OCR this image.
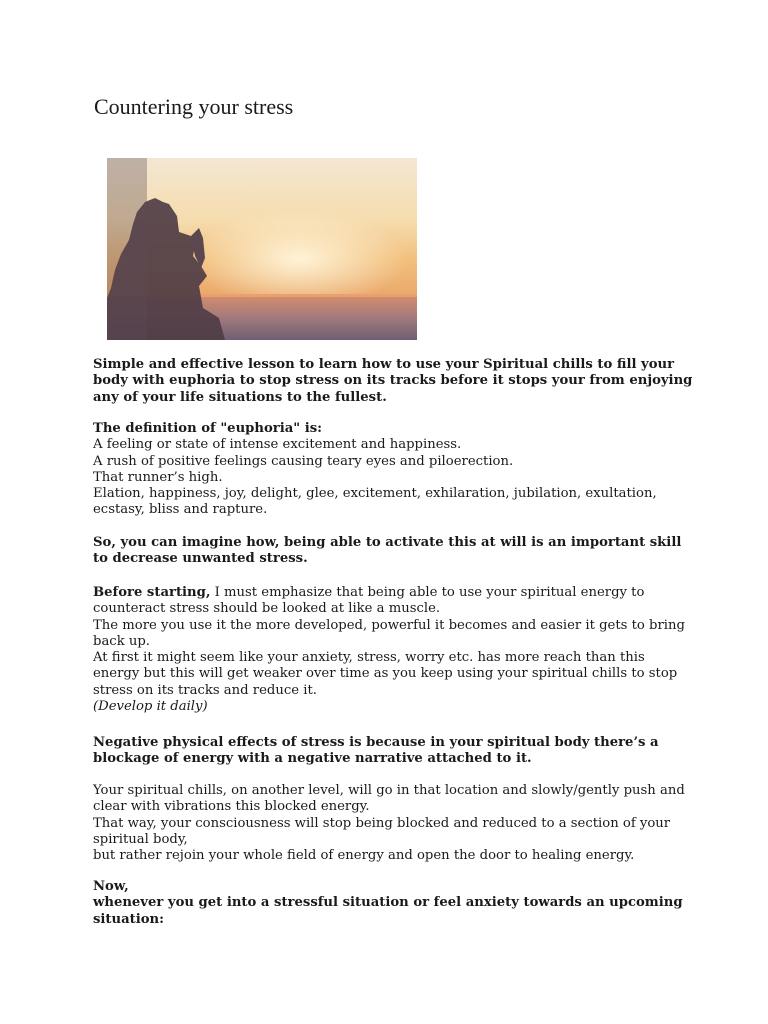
Countering your stress

Simple and effective lesson to learn how to use your Spiritual chills to fill your body with euphoria to stop stress on its tracks before it stops your from enjoying any of your life situations to the fullest.

The definition of "euphoria" is:

A feeling or state of intense excitement and happiness.

A rush of positive feelings causing teary eyes and piloerection.

That runner’s high.

Elation, happiness, joy, delight, glee, excitement, exhilaration, jubilation, exultation, ecstasy, bliss and rapture.

So, you can imagine how, being able to activate this at will is an important skill to decrease unwanted stress.

Before starting, I must emphasize that being able to use your spiritual energy to counteract stress should be looked at like a muscle.

The more you use it the more developed, powerful it becomes and easier it gets to bring back up.

At first it might seem like your anxiety, stress, worry etc. has more reach than this energy but this will get weaker over time as you keep using your spiritual chills to stop stress on its tracks and reduce it.

(Develop it daily)

Negative physical effects of stress is because in your spiritual body there’s a blockage of energy with a negative narrative attached to it.

Your spiritual chills, on another level, will go in that location and slowly/gently push and clear with vibrations this blocked energy.

That way, your consciousness will stop being blocked and reduced to a section of your spiritual body,

but rather rejoin your whole field of energy and open the door to healing energy.

Now,

whenever you get into a stressful situation or feel anxiety towards an upcoming situation:
